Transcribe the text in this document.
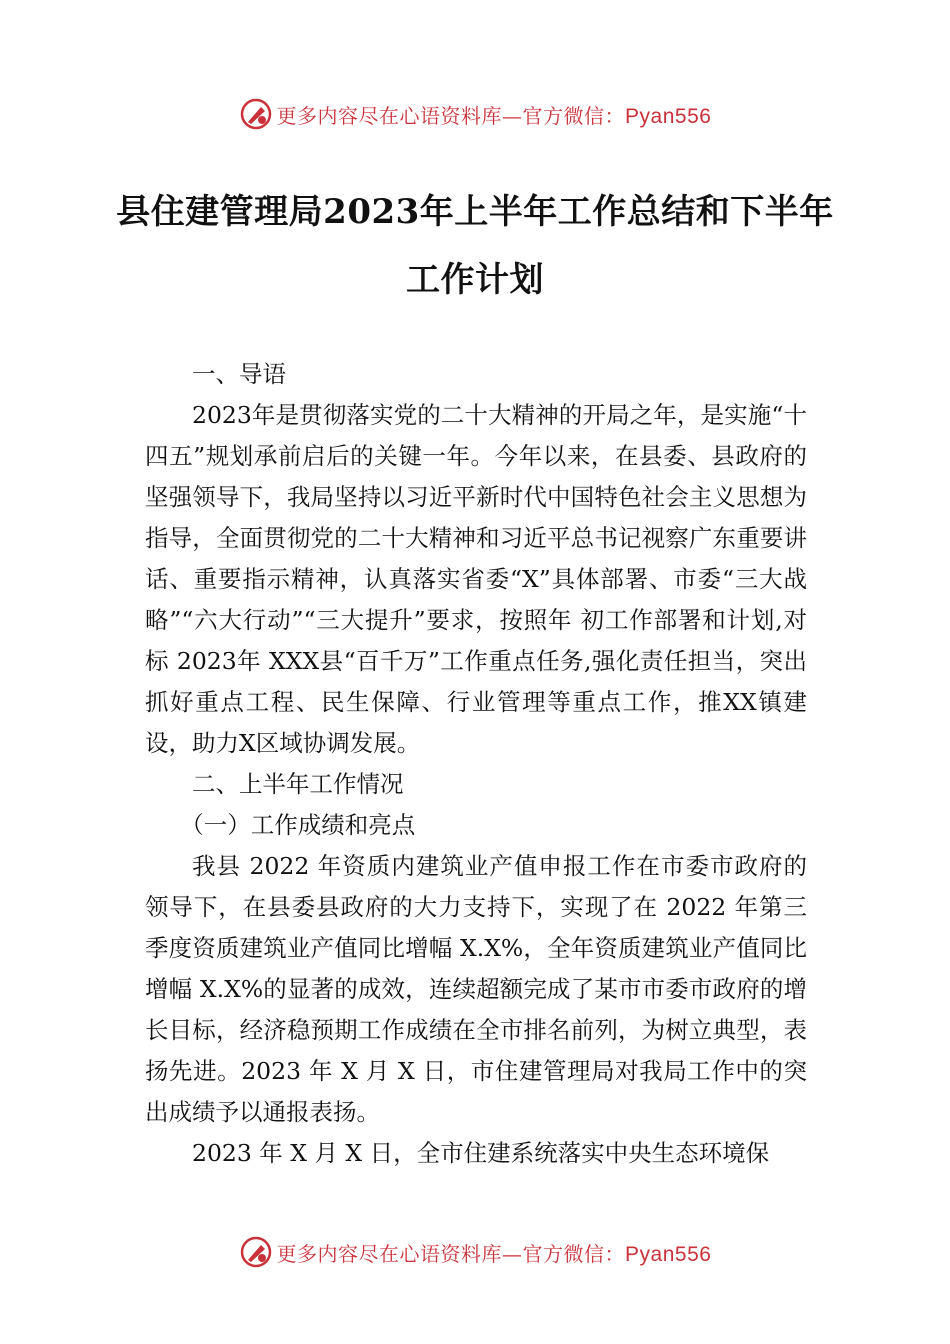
更多内容尽在心语资料库—官方微信：Pyan556
县住建管理局2023年上半年工作总结和下半年工作计划

一、导语

2023年是贯彻落实党的二十大精神的开局之年，是实施“十四五”规划承前启后的关键一年。今年以来，在县委、县政府的坚强领导下，我局坚持以习近平新时代中国特色社会主义思想为指导，全面贯彻党的二十大精神和习近平总书记视察广东重要讲话、重要指示精神，认真落实省委“X”具体部署、市委“三大战略”“六大行动”“三大提升”要求，按照年 初工作部署和计划,对标 2023年 XXX县“百千万”工作重点任务,强化责任担当，突出抓好重点工程、民生保障、行业管理等重点工作，推XX镇建设，助力X区域协调发展。

二、上半年工作情况

（一）工作成绩和亮点

我县 2022 年资质内建筑业产值申报工作在市委市政府的领导下，在县委县政府的大力支持下，实现了在 2022 年第三季度资质建筑业产值同比增幅 X.X%，全年资质建筑业产值同比增幅 X.X%的显著的成效，连续超额完成了某市市委市政府的增长目标，经济稳预期工作成绩在全市排名前列，为树立典型，表扬先进。2023 年 X 月 X 日，市住建管理局对我局工作中的突出成绩予以通报表扬。

2023 年 X 月 X 日，全市住建系统落实中央生态环境保

更多内容尽在心语资料库—官方微信：Pyan556
